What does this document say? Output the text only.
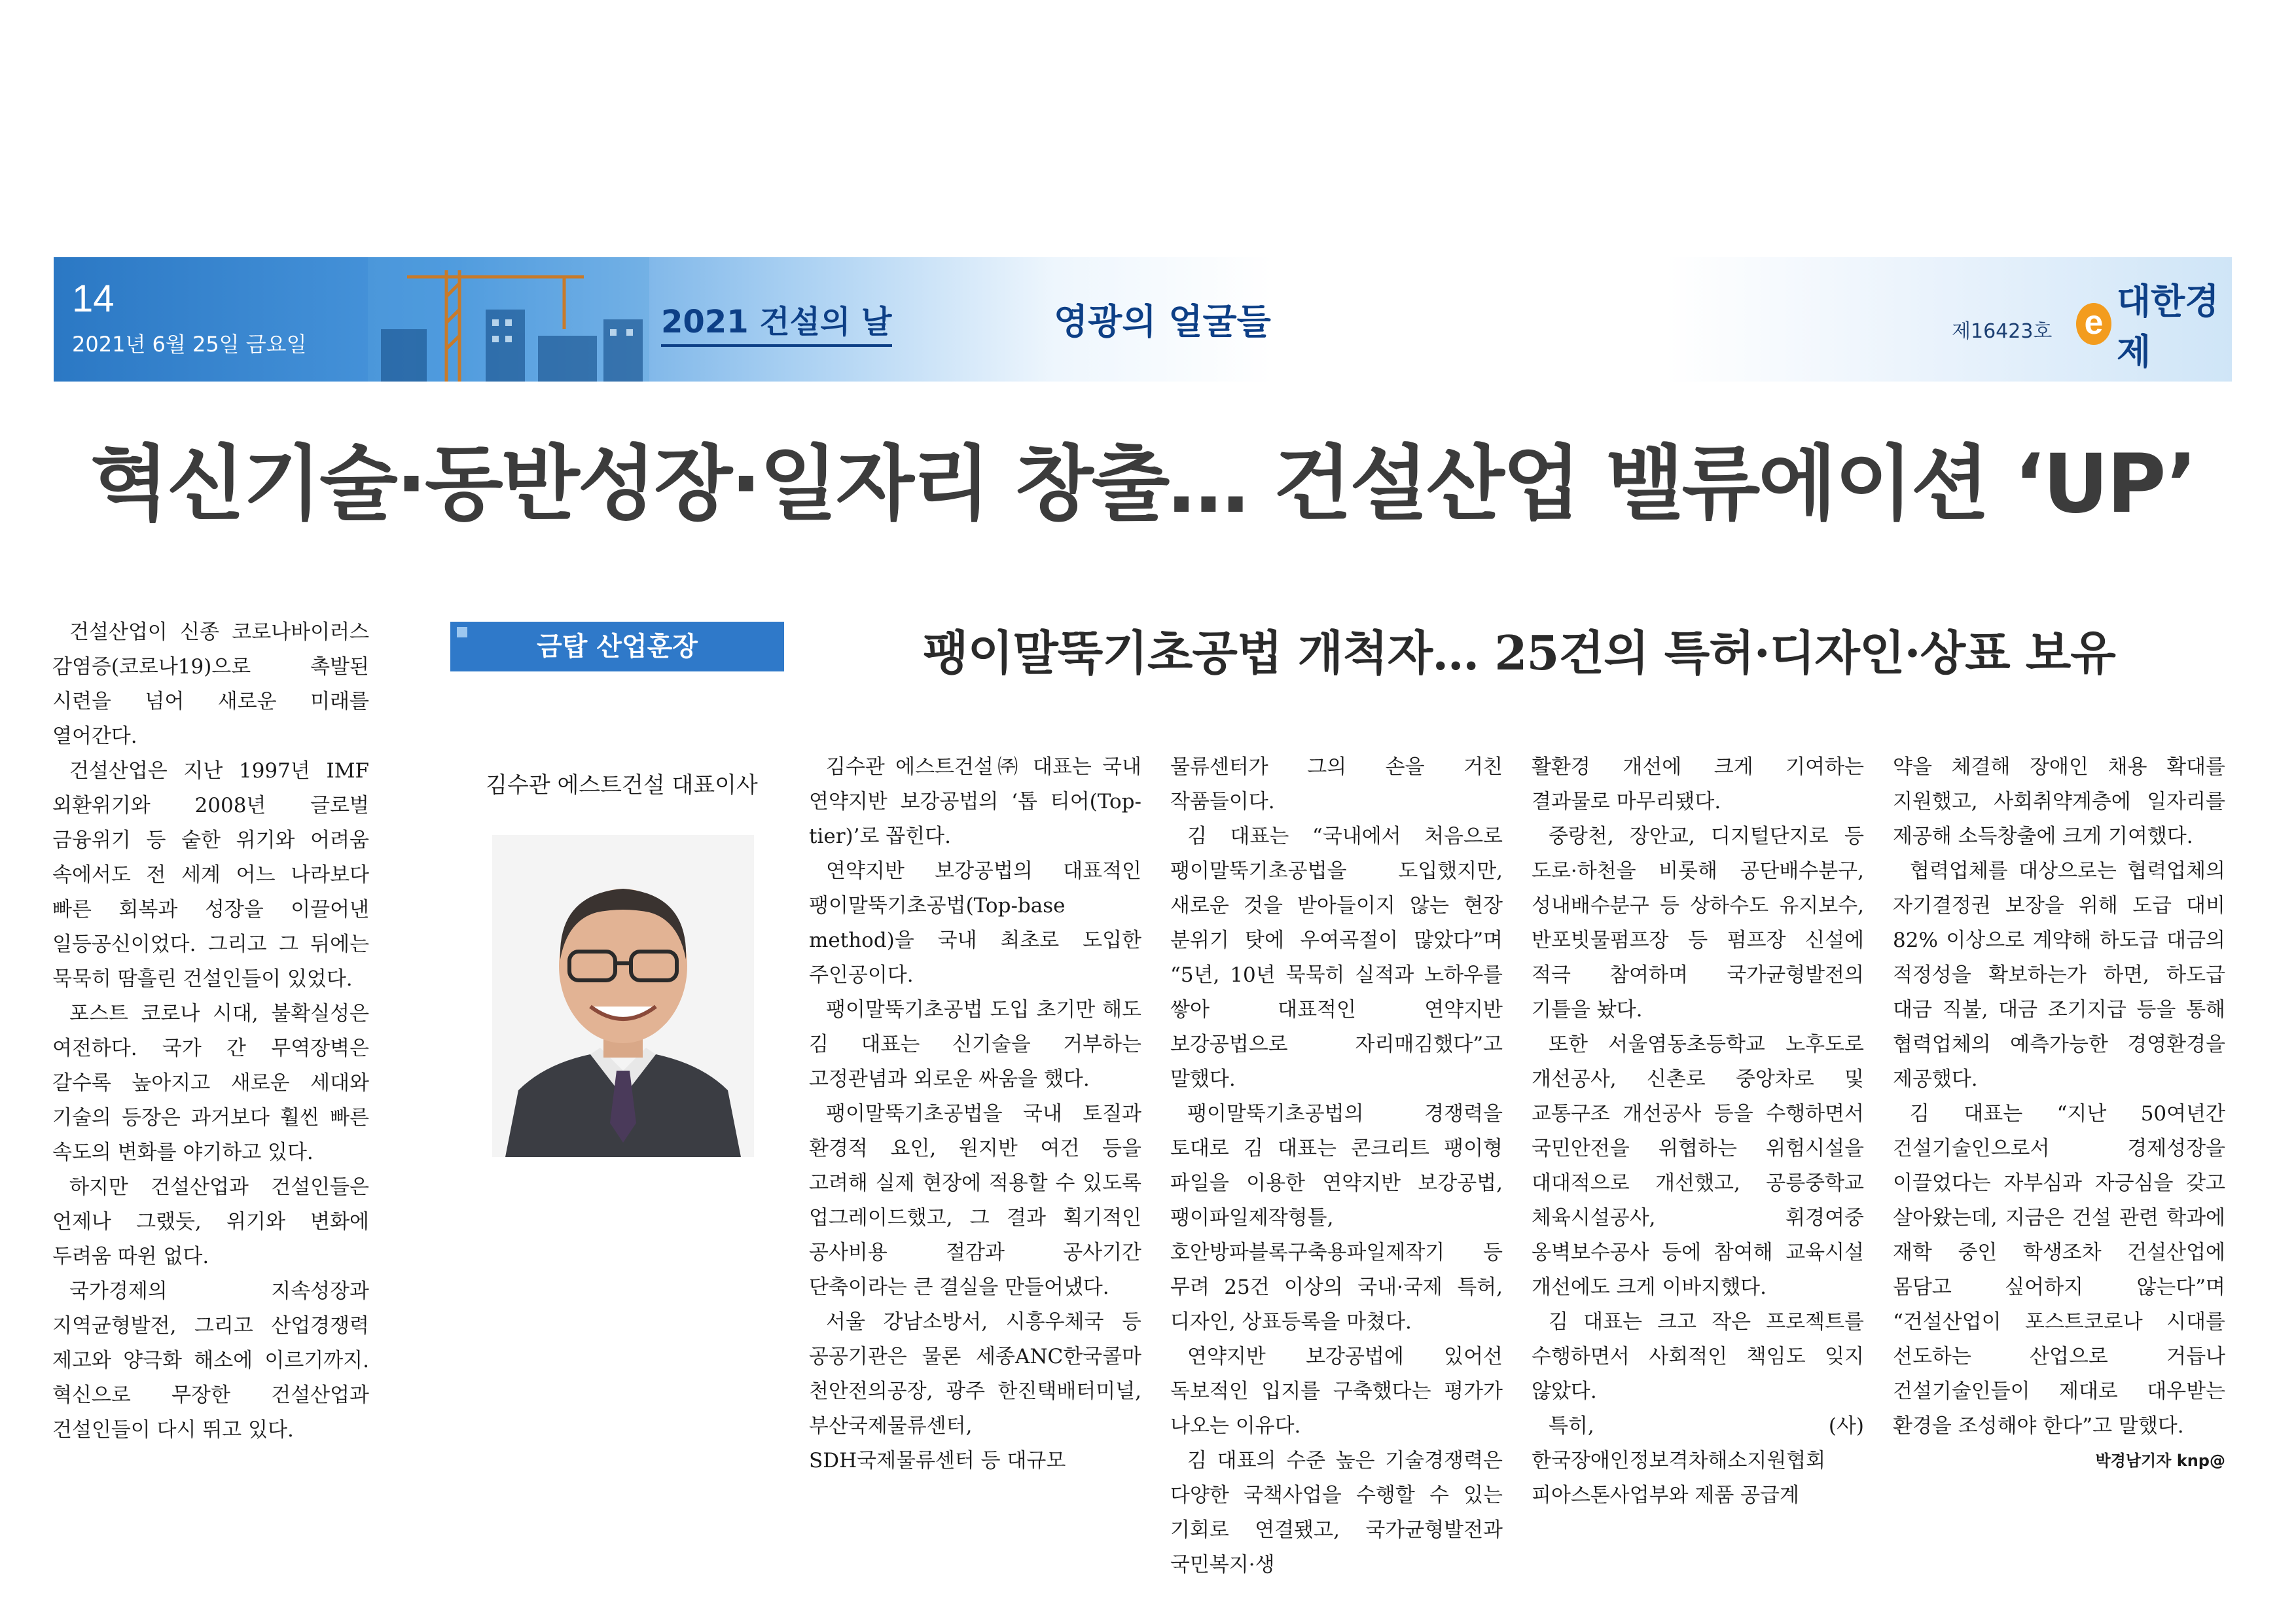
14
2021년 6월 25일 금요일
2021 건설의 날	영광의 얼굴들	제16423호 e
대한경제
혁신기술·동반성장·일자리 창출… 건설산업 밸류에이션 ‘UP’

건설산업이 신종 코로나바이러스 감염증(코로나19)으로 촉발된 시련을 넘어 새로운 미래를 열어간다.

건설산업은 지난 1997년 IMF 외환위기와 2008년 글로벌 금융위기 등 숱한 위기와 어려움 속에서도 전 세계 어느 나라보다 빠른 회복과 성장을 이끌어낸 일등공신이었다. 그리고 그 뒤에는 묵묵히 땀흘린 건설인들이 있었다.

포스트 코로나 시대, 불확실성은 여전하다. 국가 간 무역장벽은 갈수록 높아지고 새로운 세대와 기술의 등장은 과거보다 훨씬 빠른 속도의 변화를 야기하고 있다.

하지만 건설산업과 건설인들은 언제나 그랬듯, 위기와 변화에 두려움 따윈 없다.

국가경제의 지속성장과 지역균형발전, 그리고 산업경쟁력 제고와 양극화 해소에 이르기까지. 혁신으로 무장한 건설산업과 건설인들이 다시 뛰고 있다.

금탑 산업훈장
김수관 에스트건설 대표이사
팽이말뚝기초공법 개척자… 25건의 특허·디자인·상표 보유

김수관 에스트건설㈜ 대표는 국내 연약지반 보강공법의 ‘톱 티어(Top-tier)’로 꼽힌다.

연약지반 보강공법의 대표적인 팽이말뚝기초공법(Top-base method)을 국내 최초로 도입한 주인공이다.

팽이말뚝기초공법 도입 초기만 해도 김 대표는 신기술을 거부하는 고정관념과 외로운 싸움을 했다.

팽이말뚝기초공법을 국내 토질과 환경적 요인, 원지반 여건 등을 고려해 실제 현장에 적용할 수 있도록 업그레이드했고, 그 결과 획기적인 공사비용 절감과 공사기간 단축이라는 큰 결실을 만들어냈다.

서울 강남소방서, 시흥우체국 등 공공기관은 물론 세종ANC한국콜마 천안전의공장, 광주 한진택배터미널, 부산국제물류센터, SDH국제물류센터 등 대규모

물류센터가 그의 손을 거친 작품들이다.

김 대표는 “국내에서 처음으로 팽이말뚝기초공법을 도입했지만, 새로운 것을 받아들이지 않는 현장 분위기 탓에 우여곡절이 많았다”며 “5년, 10년 묵묵히 실적과 노하우를 쌓아 대표적인 연약지반 보강공법으로 자리매김했다”고 말했다.

팽이말뚝기초공법의 경쟁력을 토대로 김 대표는 콘크리트 팽이형 파일을 이용한 연약지반 보강공법, 팽이파일제작형틀, 호안방파블록구축용파일제작기 등 무려 25건 이상의 국내·국제 특허, 디자인, 상표등록을 마쳤다.

연약지반 보강공법에 있어선 독보적인 입지를 구축했다는 평가가 나오는 이유다.

김 대표의 수준 높은 기술경쟁력은 다양한 국책사업을 수행할 수 있는 기회로 연결됐고, 국가균형발전과 국민복지·생

활환경 개선에 크게 기여하는 결과물로 마무리됐다.

중랑천, 장안교, 디지털단지로 등 도로·하천을 비롯해 공단배수분구, 성내배수분구 등 상하수도 유지보수, 반포빗물펌프장 등 펌프장 신설에 적극 참여하며 국가균형발전의 기틀을 놨다.

또한 서울염동초등학교 노후도로 개선공사, 신촌로 중앙차로 및 교통구조 개선공사 등을 수행하면서 국민안전을 위협하는 위험시설을 대대적으로 개선했고, 공릉중학교 체육시설공사, 휘경여중 옹벽보수공사 등에 참여해 교육시설 개선에도 크게 이바지했다.

김 대표는 크고 작은 프로젝트를 수행하면서 사회적인 책임도 잊지 않았다.

특히, (사)한국장애인정보격차해소지원협회 피아스톤사업부와 제품 공급계

약을 체결해 장애인 채용 확대를 지원했고, 사회취약계층에 일자리를 제공해 소득창출에 크게 기여했다.

협력업체를 대상으로는 협력업체의 자기결정권 보장을 위해 도급 대비 82% 이상으로 계약해 하도급 대금의 적정성을 확보하는가 하면, 하도급 대금 직불, 대금 조기지급 등을 통해 협력업체의 예측가능한 경영환경을 제공했다.

김 대표는 “지난 50여년간 건설기술인으로서 경제성장을 이끌었다는 자부심과 자긍심을 갖고 살아왔는데, 지금은 건설 관련 학과에 재학 중인 학생조차 건설산업에 몸담고 싶어하지 않는다”며 “건설산업이 포스트코로나 시대를 선도하는 산업으로 거듭나 건설기술인들이 제대로 대우받는 환경을 조성해야 한다”고 말했다.
박경남기자 knp@
